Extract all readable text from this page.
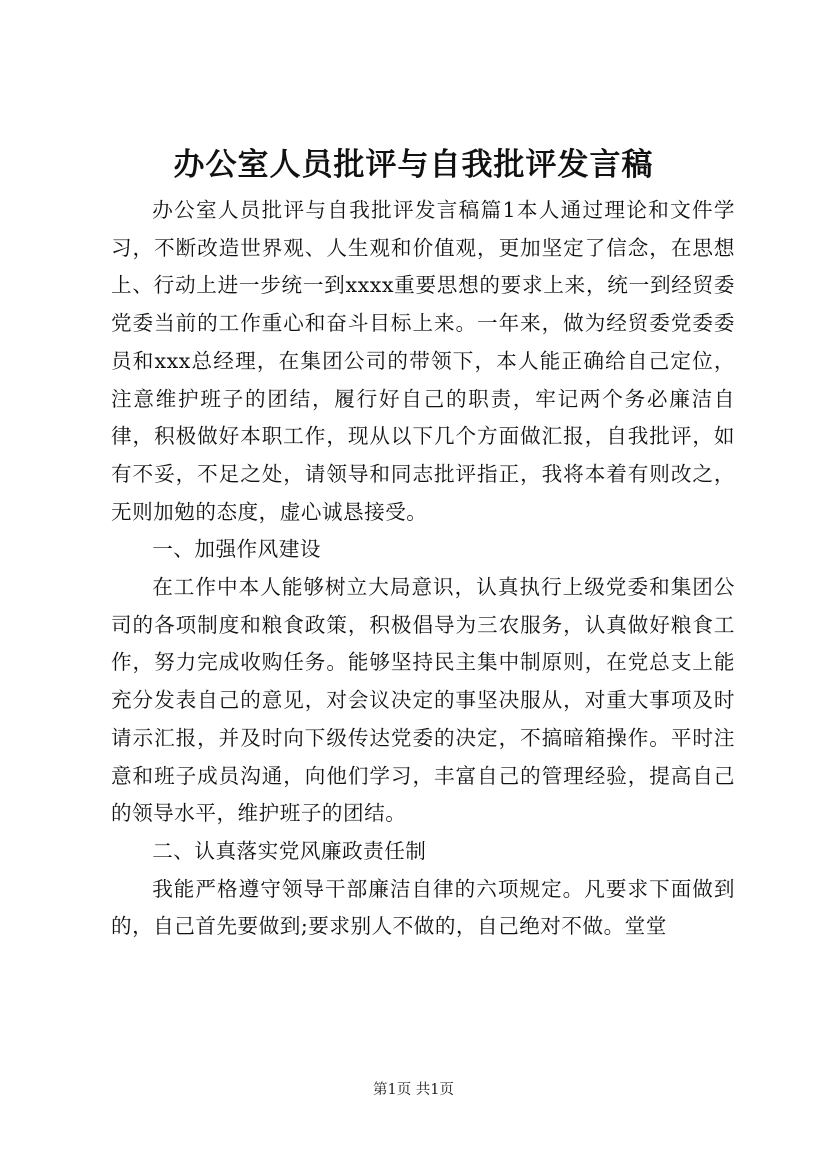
办公室人员批评与自我批评发言稿

办公室人员批评与自我批评发言稿篇1本人通过理论和文件学习，不断改造世界观、人生观和价值观，更加坚定了信念，在思想上、行动上进一步统一到xxxx重要思想的要求上来，统一到经贸委党委当前的工作重心和奋斗目标上来。一年来，做为经贸委党委委员和xxx总经理，在集团公司的带领下，本人能正确给自己定位，注意维护班子的团结，履行好自己的职责，牢记两个务必廉洁自律，积极做好本职工作，现从以下几个方面做汇报，自我批评，如有不妥，不足之处，请领导和同志批评指正，我将本着有则改之，无则加勉的态度，虚心诚恳接受。

一、加强作风建设

在工作中本人能够树立大局意识，认真执行上级党委和集团公司的各项制度和粮食政策，积极倡导为三农服务，认真做好粮食工作，努力完成收购任务。能够坚持民主集中制原则，在党总支上能充分发表自己的意见，对会议决定的事坚决服从，对重大事项及时请示汇报，并及时向下级传达党委的决定，不搞暗箱操作。平时注意和班子成员沟通，向他们学习，丰富自己的管理经验，提高自己的领导水平，维护班子的团结。

二、认真落实党风廉政责任制

我能严格遵守领导干部廉洁自律的六项规定。凡要求下面做到的，自己首先要做到;要求别人不做的，自己绝对不做。堂堂

第1页 共1页
